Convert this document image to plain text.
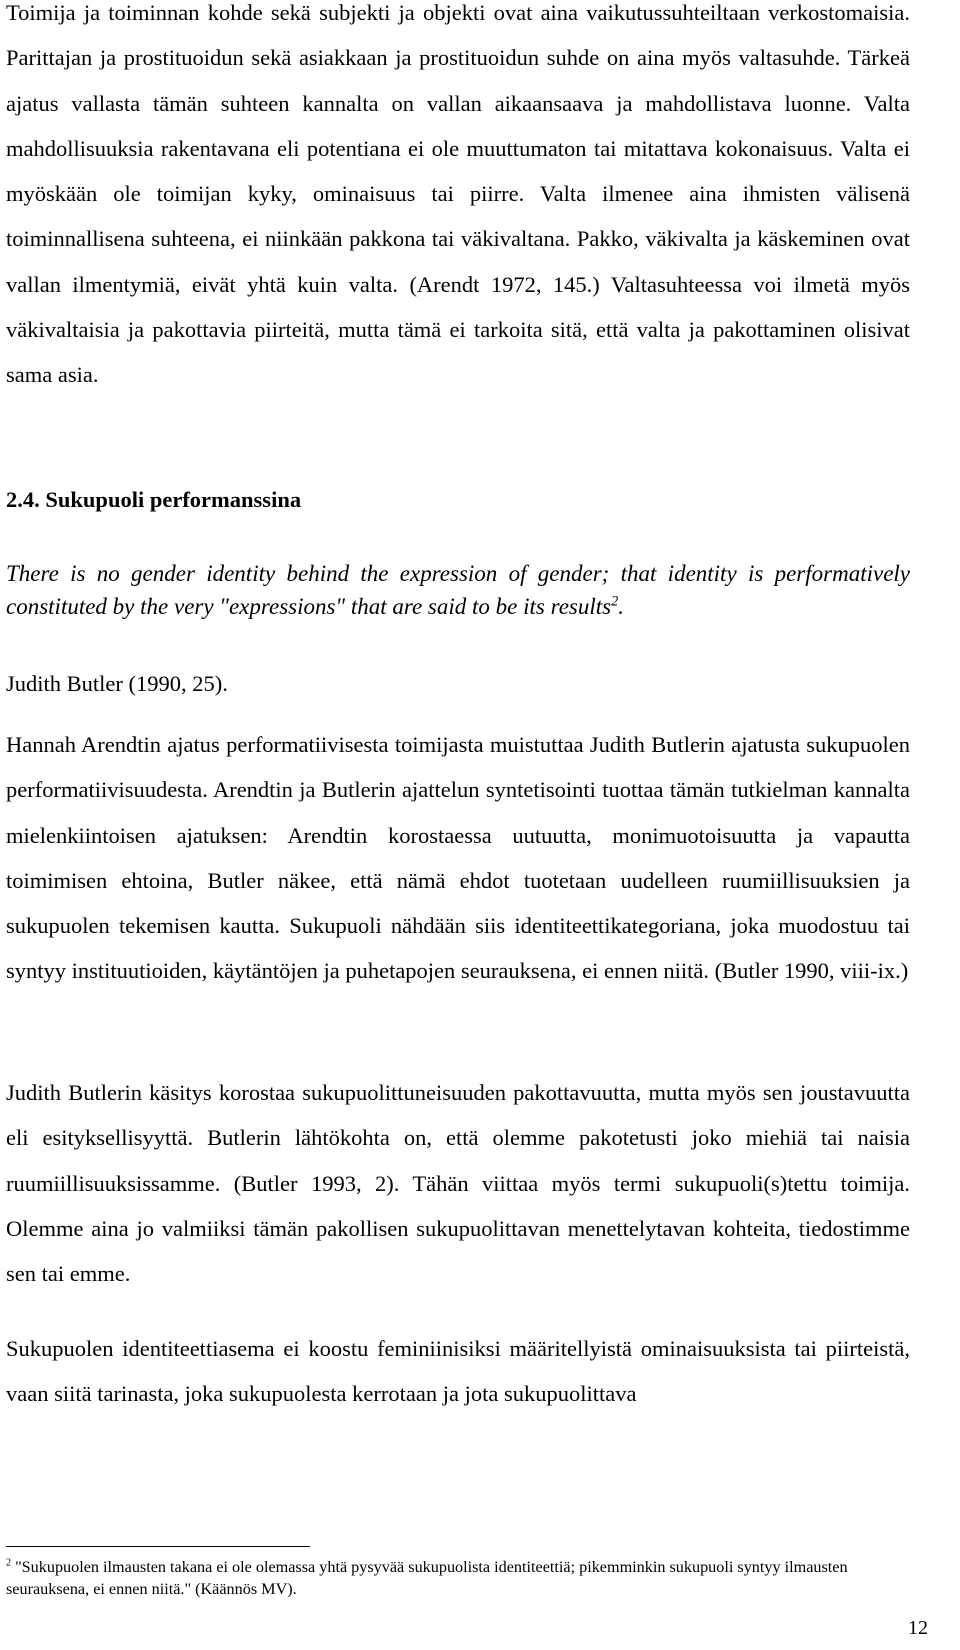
Toimija ja toiminnan kohde sekä subjekti ja objekti ovat aina vaikutussuhteiltaan verkostomaisia. Parittajan ja prostituoidun sekä asiakkaan ja prostituoidun suhde on aina myös valtasuhde. Tärkeä ajatus vallasta tämän suhteen kannalta on vallan aikaansaava ja mahdollistava luonne. Valta mahdollisuuksia rakentavana eli potentiana ei ole muuttumaton tai mitattava kokonaisuus. Valta ei myöskään ole toimijan kyky, ominaisuus tai piirre. Valta ilmenee aina ihmisten välisenä toiminnallisena suhteena, ei niinkään pakkona tai väkivaltana. Pakko, väkivalta ja käskeminen ovat vallan ilmentymiä, eivät yhtä kuin valta. (Arendt 1972, 145.) Valtasuhteessa voi ilmetä myös väkivaltaisia ja pakottavia piirteitä, mutta tämä ei tarkoita sitä, että valta ja pakottaminen olisivat sama asia.

2.4. Sukupuoli performanssina

There is no gender identity behind the expression of gender; that identity is performatively constituted by the very "expressions" that are said to be its results$^2$.

Judith Butler (1990, 25).

Hannah Arendtin ajatus performatiivisesta toimijasta muistuttaa Judith Butlerin ajatusta sukupuolen performatiivisuudesta. Arendtin ja Butlerin ajattelun syntetisointi tuottaa tämän tutkielman kannalta mielenkiintoisen ajatuksen: Arendtin korostaessa uutuutta, monimuotoisuutta ja vapautta toimimisen ehtoina, Butler näkee, että nämä ehdot tuotetaan uudelleen ruumiillisuuksien ja sukupuolen tekemisen kautta. Sukupuoli nähdään siis identiteettikategoriana, joka muodostuu tai syntyy instituutioiden, käytäntöjen ja puhetapojen seurauksena, ei ennen niitä. (Butler 1990, viii-ix.)

Judith Butlerin käsitys korostaa sukupuolittuneisuuden pakottavuutta, mutta myös sen joustavuutta eli esityksellisyyttä. Butlerin lähtökohta on, että olemme pakotetusti joko miehiä tai naisia ruumiillisuuksissamme. (Butler 1993, 2). Tähän viittaa myös termi sukupuoli(s)tettu toimija. Olemme aina jo valmiiksi tämän pakollisen sukupuolittavan menettelytavan kohteita, tiedostimme sen tai emme.

Sukupuolen identiteettiasema ei koostu feminiinisiksi määritellyistä ominaisuuksista tai piirteistä, vaan siitä tarinasta, joka sukupuolesta kerrotaan ja jota sukupuolittava

$^2$ "Sukupuolen ilmausten takana ei ole olemassa yhtä pysyvää sukupuolista identiteettiä; pikemminkin sukupuoli syntyy ilmausten seurauksena, ei ennen niitä." (Käännös MV).

12
